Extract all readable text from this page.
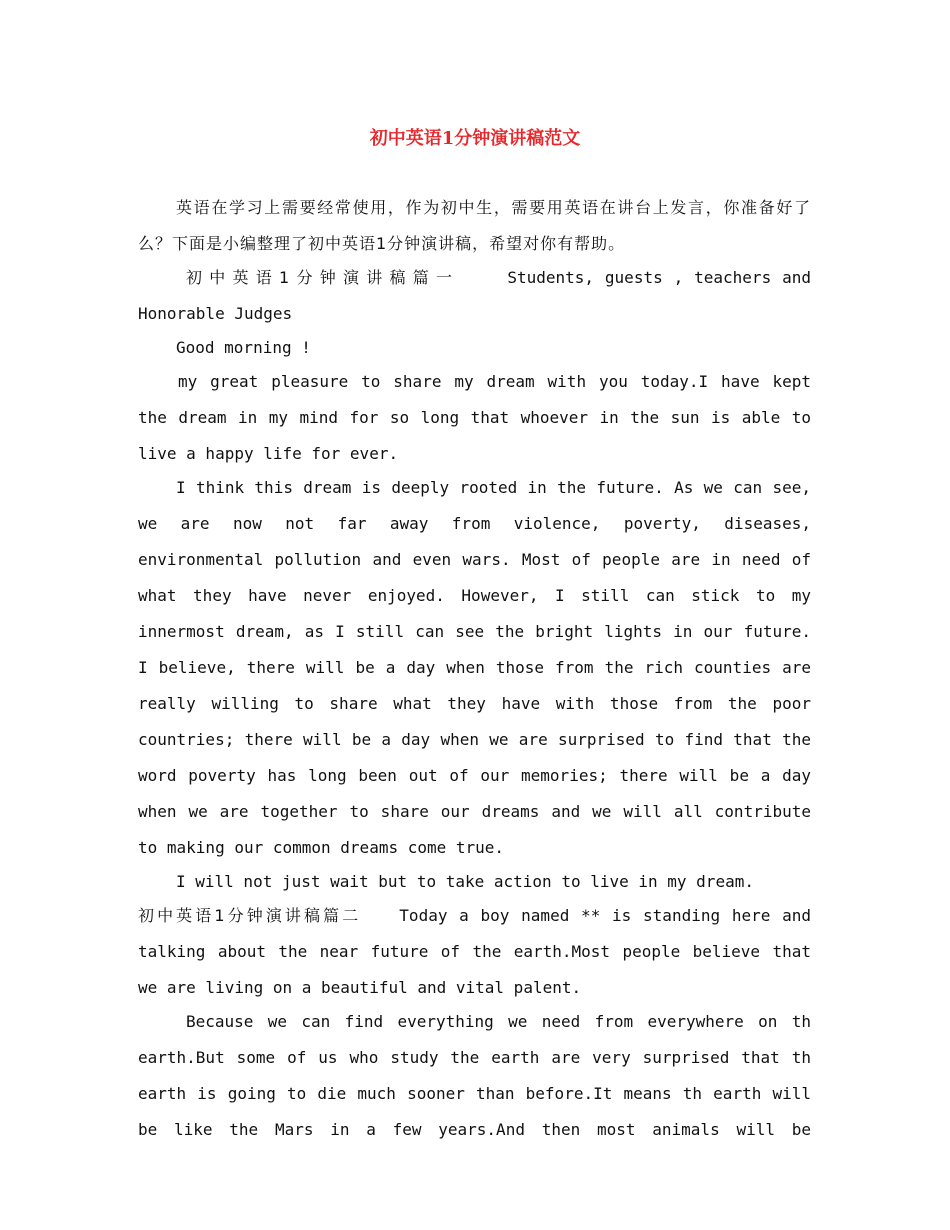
初中英语1分钟演讲稿范文

英语在学习上需要经常使用，作为初中生，需要用英语在讲台上发言，你准备好了么？下面是小编整理了初中英语1分钟演讲稿，希望对你有帮助。

初中英语1分钟演讲稿篇一	Students, guests , teachers and Honorable Judges

Good morning !

my great pleasure to share my dream with you today.I have kept the dream in my mind for so long that whoever in the sun is able to live a happy life for ever.

I think this dream is deeply rooted in the future. As we can see, we are now not far away from violence, poverty, diseases, environmental pollution and even wars. Most of people are in need of what they have never enjoyed. However, I still can stick to my innermost dream, as I still can see the bright lights in our future. I believe, there will be a day when those from the rich counties are really willing to share what they have with those from the poor countries; there will be a day when we are surprised to find that the word poverty has long been out of our memories; there will be a day when we are together to share our dreams and we will all contribute to making our common dreams come true.

I will not just wait but to take action to live in my dream.

初中英语1分钟演讲稿篇二 Today a boy named ** is standing here and talking about the near future of the earth.Most people believe that we are living on a beautiful and vital palent.

Because we can find everything we need from everywhere on th earth.But some of us who study the earth are very surprised that th earth is going to die much sooner than before.It means th earth will be like the Mars in a few years.And then most animals will be
